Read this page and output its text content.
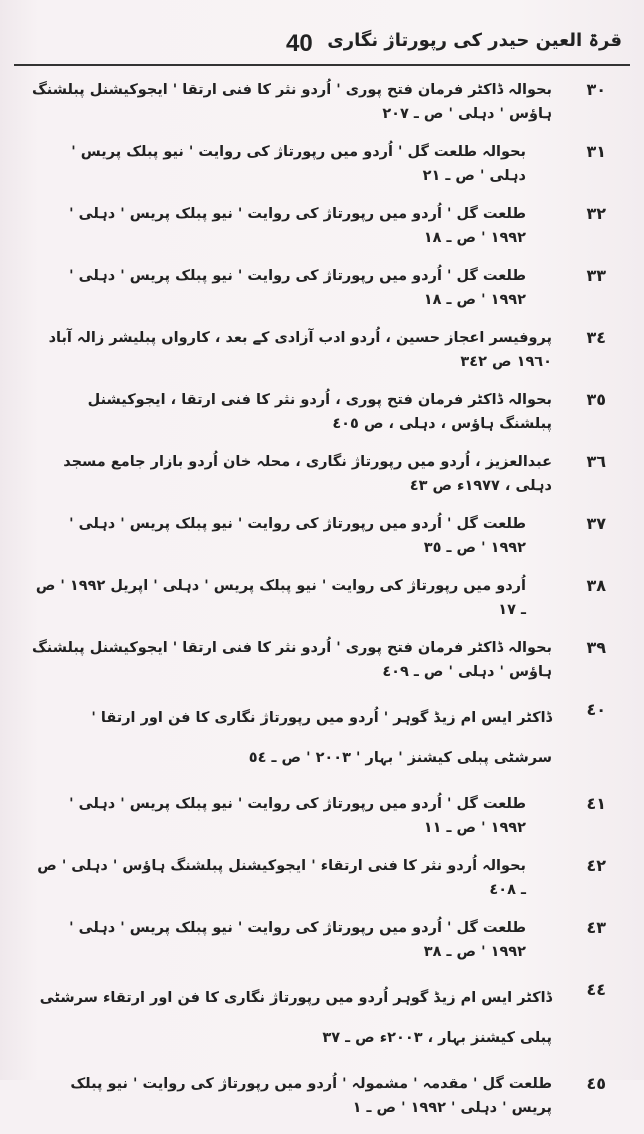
40 قرۃ العین حیدر کی رپورتاژ نگاری
٣٠
بحوالہ ڈاکٹر فرمان فتح پوری ' اُردو نثر کا فنی ارتقا ' ایجوکیشنل پبلشنگ ہاؤس ' دہلی ' ص ـ ٢٠٧
٣١
بحوالہ طلعت گل ' اُردو میں رپورتاژ کی روایت ' نیو پبلک پریس ' دہلی ' ص ـ ٢١
٣٢
طلعت گل ' اُردو میں رپورتاژ کی روایت ' نیو پبلک پریس ' دہلی ' ١٩٩٢ ' ص ـ ١٨
٣٣
طلعت گل ' اُردو میں رپورتاژ کی روایت ' نیو پبلک پریس ' دہلی ' ١٩٩٢ ' ص ـ ١٨
٣٤
پروفیسر اعجاز حسین ، اُردو ادب آزادی کے بعد ، کارواں پبلیشر زالہ آباد ١٩٦٠ ص ٣٤٢
٣٥
بحوالہ ڈاکٹر فرمان فتح پوری ، اُردو نثر کا فنی ارتقا ، ایجوکیشنل پبلشنگ ہاؤس ، دہلی ، ص ٤٠٥
٣٦
عبدالعزیز ، اُردو میں رپورتاژ نگاری ، محلہ خان اُردو بازار جامع مسجد دہلی ، ١٩٧٧ء ص ٤٣
٣٧
طلعت گل ' اُردو میں رپورتاژ کی روایت ' نیو پبلک پریس ' دہلی ' ١٩٩٢ ' ص ـ ٣٥
٣٨
اُردو میں رپورتاژ کی روایت ' نیو پبلک پریس ' دہلی ' اپریل ١٩٩٢ ' ص ـ ١٧
٣٩
بحوالہ ڈاکٹر فرمان فتح پوری ' اُردو نثر کا فنی ارتقا ' ایجوکیشنل پبلشنگ ہاؤس ' دہلی ' ص ـ ٤٠٩
٤٠
ڈاکٹر ایس ام زیڈ گوہر ' اُردو میں رپورتاژ نگاری کا فن اور ارتقا ' سرشٹی پبلی کیشنز ' بہار ' ٢٠٠٣ ' ص ـ ٥٤
٤١
طلعت گل ' اُردو میں رپورتاژ کی روایت ' نیو پبلک پریس ' دہلی ' ١٩٩٢ ' ص ـ ١١
٤٢
بحوالہ اُردو نثر کا فنی ارتقاء ' ایجوکیشنل پبلشنگ ہاؤس ' دہلی ' ص ـ ٤٠٨
٤٣
طلعت گل ' اُردو میں رپورتاژ کی روایت ' نیو پبلک پریس ' دہلی ' ١٩٩٢ ' ص ـ ٣٨
٤٤
ڈاکٹر ایس ام زیڈ گوہر اُردو میں رپورتاژ نگاری کا فن اور ارتقاء سرشٹی پبلی کیشنز بہار ، ٢٠٠٣ء ص ـ ٣٧
٤٥
طلعت گل ' مقدمہ ' مشمولہ ' اُردو میں رپورتاژ کی روایت ' نیو پبلک پریس ' دہلی ' ١٩٩٢ ' ص ـ ١
